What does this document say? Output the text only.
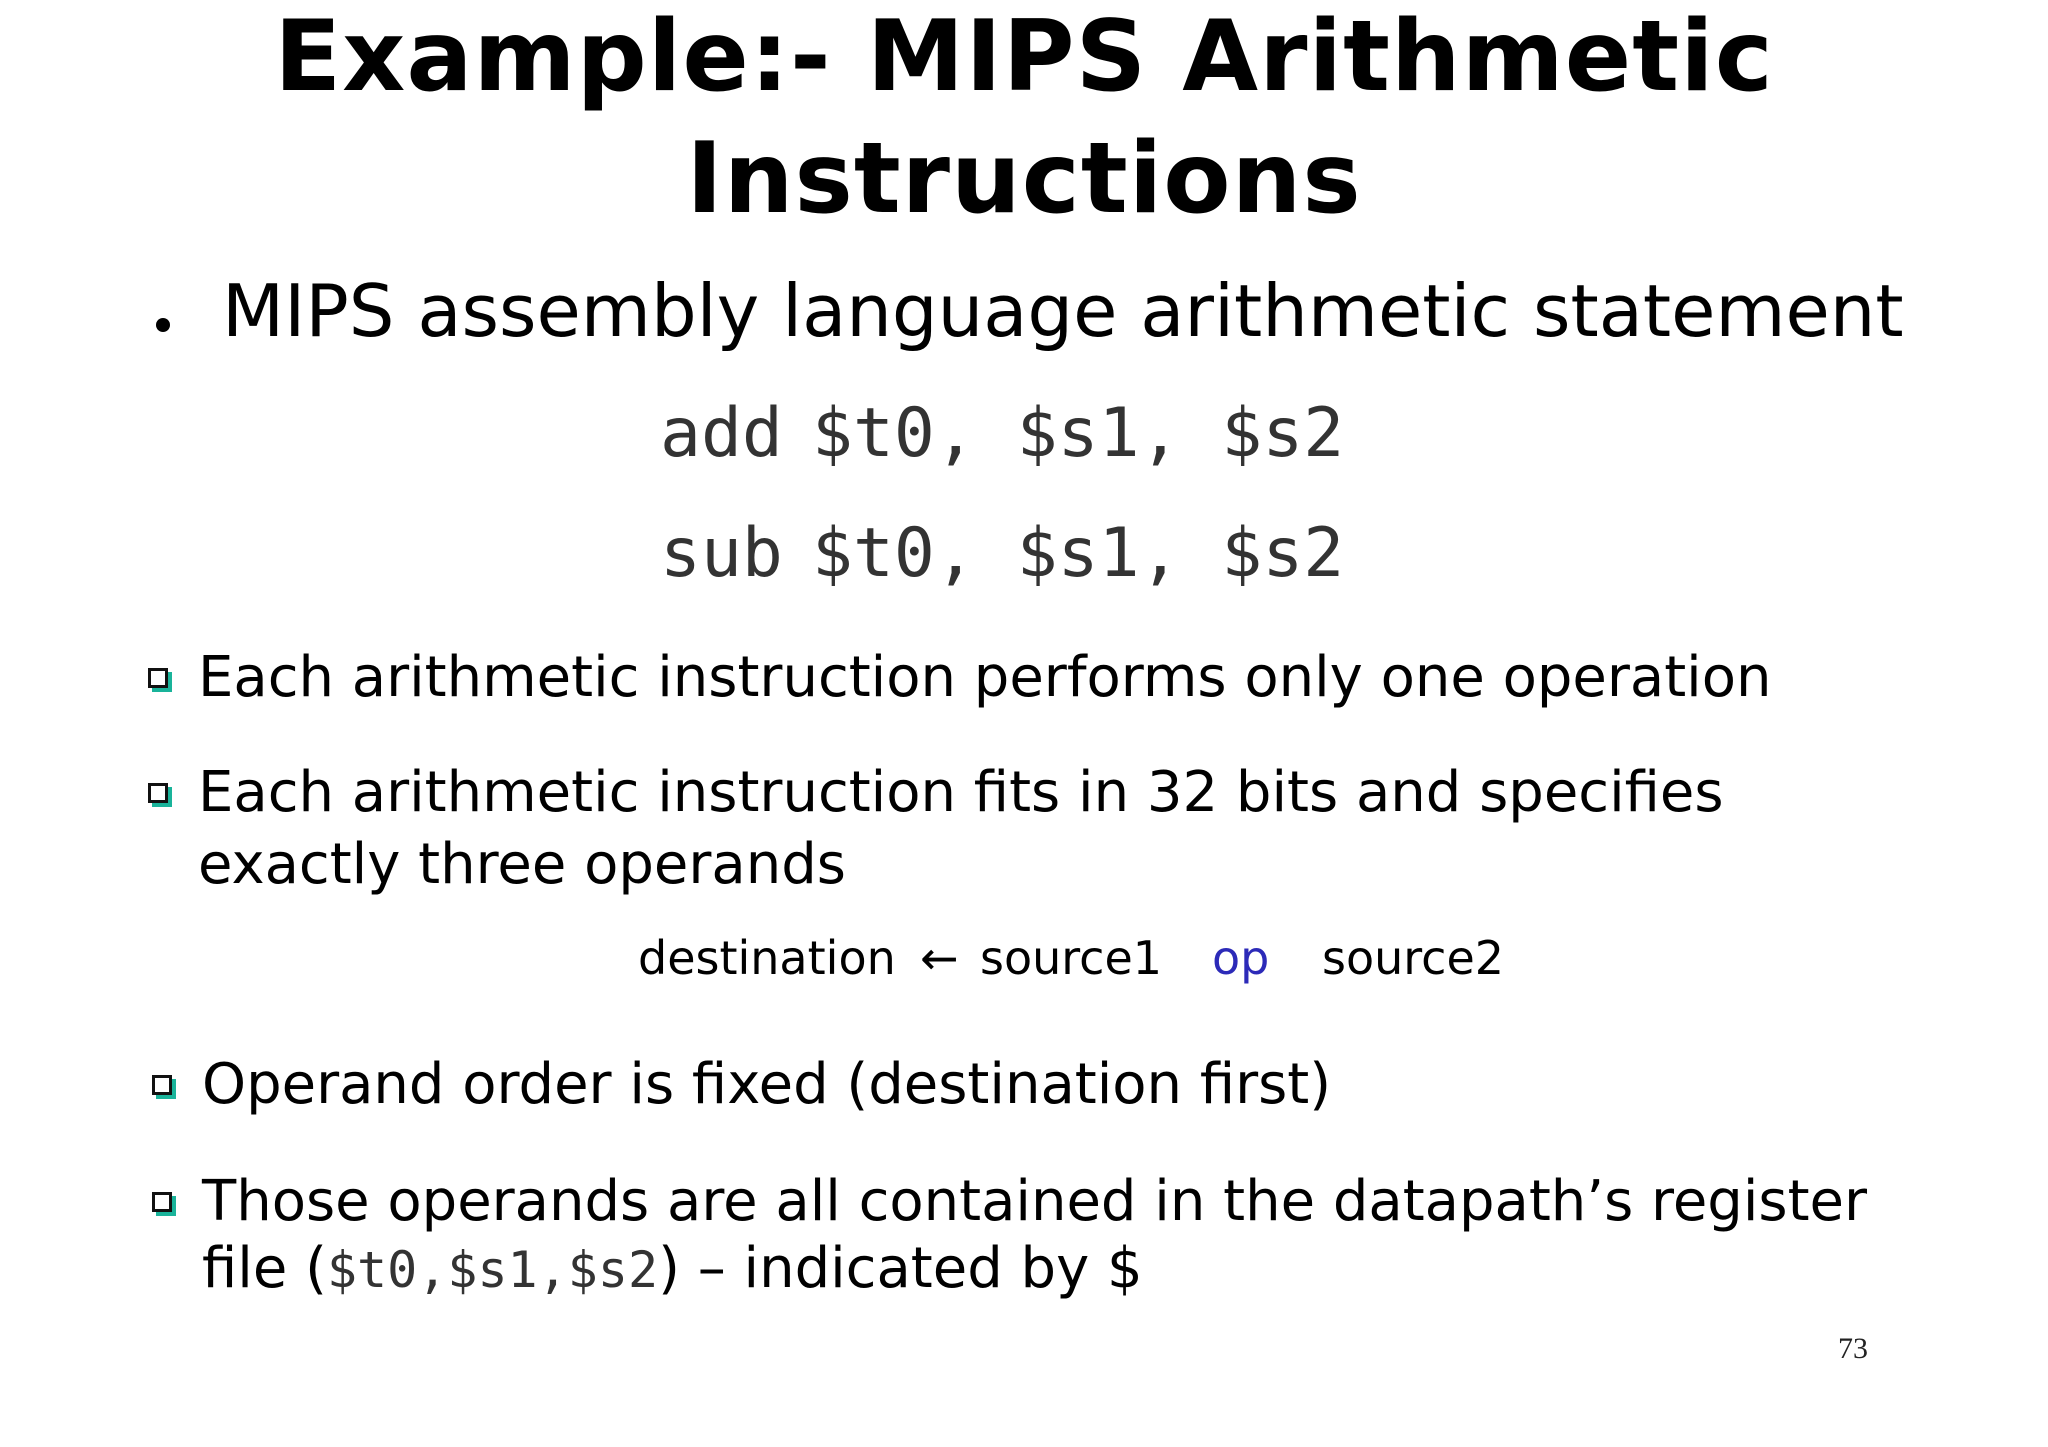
Example:- MIPS Arithmetic
Instructions
MIPS assembly language arithmetic statement
add $t0, $s1, $s2
sub $t0, $s1, $s2
Each arithmetic instruction performs only one operation
Each arithmetic instruction fits in 32 bits and specifies
exactly three operands
destination ← source1 op source2
Operand order is fixed (destination first)
Those operands are all contained in the datapath’s register
file ($t0,$s1,$s2) – indicated by $
73
